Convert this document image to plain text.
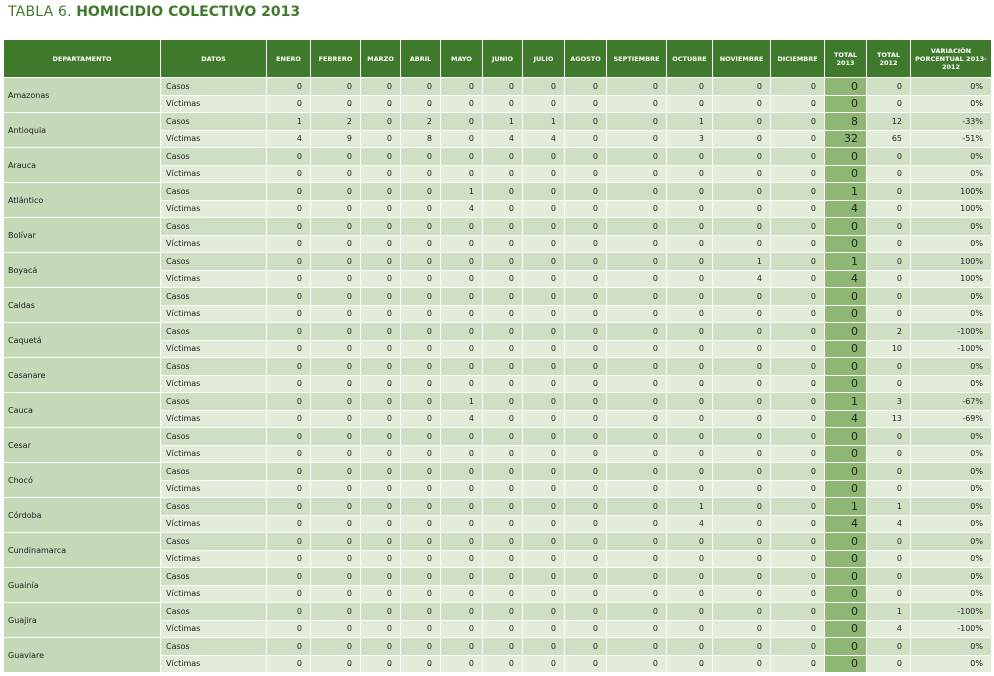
TABLA 6. HOMICIDIO COLECTIVO 2013
DEPARTAMENTO	DATOS	ENERO	FEBRERO	MARZO	ABRIL	MAYO	JUNIO	JULIO	AGOSTO	SEPTIEMBRE	OCTUBRE	NOVIEMBRE	DICIEMBRE	TOTAL 2013	TOTAL 2012	VARIACIÓN PORCENTUAL 2013-2012
Amazonas	Casos	0	0	0	0	0	0	0	0	0	0	0	0	0	0	0%
	Víctimas	0	0	0	0	0	0	0	0	0	0	0	0	0	0	0%
Antioquia	Casos	1	2	0	2	0	1	1	0	0	1	0	0	8	12	-33%
	Víctimas	4	9	0	8	0	4	4	0	0	3	0	0	32	65	-51%
Arauca	Casos	0	0	0	0	0	0	0	0	0	0	0	0	0	0	0%
	Víctimas	0	0	0	0	0	0	0	0	0	0	0	0	0	0	0%
Atlántico	Casos	0	0	0	0	1	0	0	0	0	0	0	0	1	0	100%
	Víctimas	0	0	0	0	4	0	0	0	0	0	0	0	4	0	100%
Bolívar	Casos	0	0	0	0	0	0	0	0	0	0	0	0	0	0	0%
	Víctimas	0	0	0	0	0	0	0	0	0	0	0	0	0	0	0%
Boyacá	Casos	0	0	0	0	0	0	0	0	0	0	1	0	1	0	100%
	Víctimas	0	0	0	0	0	0	0	0	0	0	4	0	4	0	100%
Caldas	Casos	0	0	0	0	0	0	0	0	0	0	0	0	0	0	0%
	Víctimas	0	0	0	0	0	0	0	0	0	0	0	0	0	0	0%
Caquetá	Casos	0	0	0	0	0	0	0	0	0	0	0	0	0	2	-100%
	Víctimas	0	0	0	0	0	0	0	0	0	0	0	0	0	10	-100%
Casanare	Casos	0	0	0	0	0	0	0	0	0	0	0	0	0	0	0%
	Víctimas	0	0	0	0	0	0	0	0	0	0	0	0	0	0	0%
Cauca	Casos	0	0	0	0	1	0	0	0	0	0	0	0	1	3	-67%
	Víctimas	0	0	0	0	4	0	0	0	0	0	0	0	4	13	-69%
Cesar	Casos	0	0	0	0	0	0	0	0	0	0	0	0	0	0	0%
	Víctimas	0	0	0	0	0	0	0	0	0	0	0	0	0	0	0%
Chocó	Casos	0	0	0	0	0	0	0	0	0	0	0	0	0	0	0%
	Víctimas	0	0	0	0	0	0	0	0	0	0	0	0	0	0	0%
Córdoba	Casos	0	0	0	0	0	0	0	0	0	1	0	0	1	1	0%
	Víctimas	0	0	0	0	0	0	0	0	0	4	0	0	4	4	0%
Cundinamarca	Casos	0	0	0	0	0	0	0	0	0	0	0	0	0	0	0%
	Víctimas	0	0	0	0	0	0	0	0	0	0	0	0	0	0	0%
Guainía	Casos	0	0	0	0	0	0	0	0	0	0	0	0	0	0	0%
	Víctimas	0	0	0	0	0	0	0	0	0	0	0	0	0	0	0%
Guajira	Casos	0	0	0	0	0	0	0	0	0	0	0	0	0	1	-100%
	Víctimas	0	0	0	0	0	0	0	0	0	0	0	0	0	4	-100%
Guaviare	Casos	0	0	0	0	0	0	0	0	0	0	0	0	0	0	0%
	Víctimas	0	0	0	0	0	0	0	0	0	0	0	0	0	0	0%
